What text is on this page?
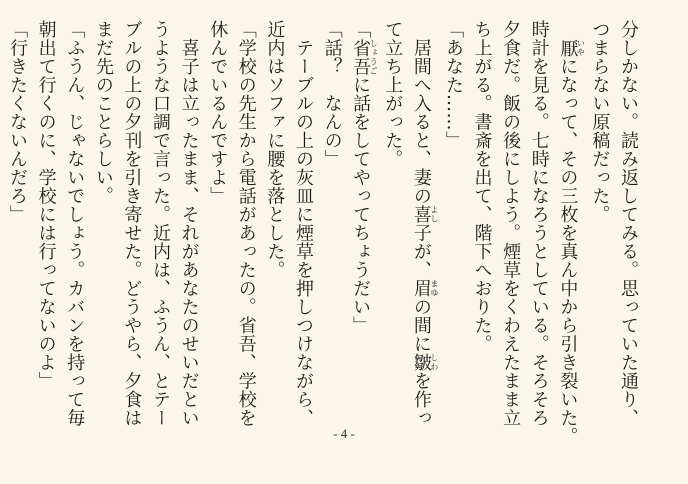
分しかない。読み返してみる。思っていた通り、
つまらない原稿だった。
　厭いやになって、その三枚を真ん中から引き裂いた。
時計を見る。七時になろうとしている。そろそろ
夕食だ。飯の後にしよう。煙草をくわえたまま立
ち上がる。書斎を出て、階下へおりた。
「あなた……」
　居間へ入ると、妻の喜よし子が、眉まゆの間に皺しわを作っ
て立ち上がった。
「省吾しょうごに話をしてやってちょうだい」
「話？　なんの」
　テーブルの上の灰皿に煙草を押しつけながら、
近内はソファに腰を落とした。
「学校の先生から電話があったの。省吾、学校を
休んでいるんですよ」
　喜子は立ったまま、それがあなたのせいだとい
うような口調で言った。近内は、ふうん、とテー
ブルの上の夕刊を引き寄せた。どうやら、夕食は
まだ先のことらしい。
「ふうん、じゃないでしょう。カバンを持って毎
朝出て行くのに、学校には行ってないのよ」
「行きたくないんだろ」
- 4 -
